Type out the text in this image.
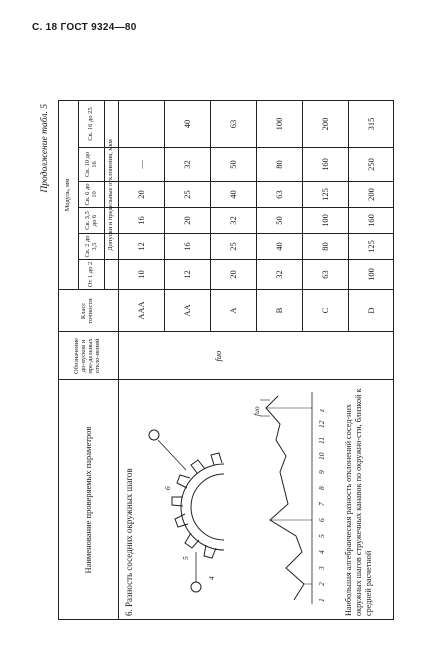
С. 18 ГОСТ 9324—80
Продолжение табл. 5
Наименование проверяемых параметров
Обозначение до-пусков и пре-дельных откло-нений
Класс точности
Модуль, мм	Допуски и предельные отклонения, мкм
От 1 до 2
Св. 2 до 3,5
Св. 3,5 до 6
Св. 6 до 10
Св. 10 до 16
Св. 16 до 25
6. Разность соседних окружных шагов	4
5
6
fuo
1
2
3
4
5
6
7
8
9
10
11
12
z Наибольшая алгебраическая разность отклонений сосед-них окружных шагов стружечных канавок по окружно-сти, близкой к средней расчетной
fuo
AAA
10
12
16
20
—
AA
12
16
20
25
32
40
A
20
25
32
40
50
63
B
32
40
50
63
80
100
C
63
80
100
125
160
200
D
100
125
160
200
250
315
